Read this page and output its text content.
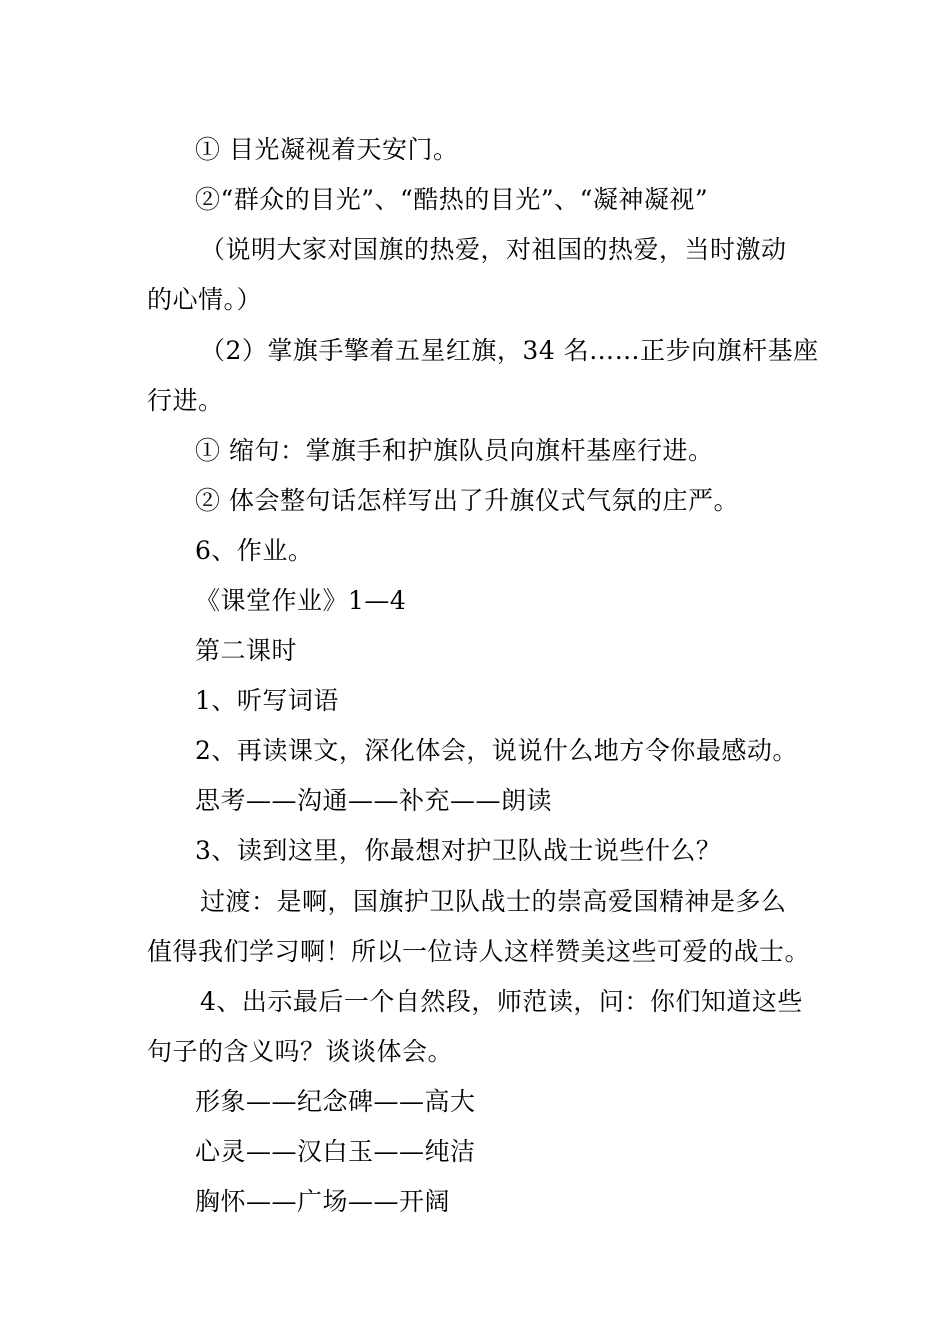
① 目光凝视着天安门。
②“群众的目光”、“酷热的目光”、“凝神凝视”
（说明大家对国旗的热爱，对祖国的热爱，当时激动
的心情。）
（2）掌旗手擎着五星红旗，34 名……正步向旗杆基座
行进。
① 缩句：掌旗手和护旗队员向旗杆基座行进。
② 体会整句话怎样写出了升旗仪式气氛的庄严。
6、作业。
《课堂作业》1—4
第二课时
1、听写词语
2、再读课文，深化体会，说说什么地方令你最感动。
思考——沟通——补充——朗读
3、读到这里，你最想对护卫队战士说些什么？
过渡：是啊，国旗护卫队战士的崇高爱国精神是多么
值得我们学习啊！所以一位诗人这样赞美这些可爱的战士。
4、出示最后一个自然段，师范读，问：你们知道这些
句子的含义吗？谈谈体会。
形象——纪念碑——高大
心灵——汉白玉——纯洁
胸怀——广场——开阔
